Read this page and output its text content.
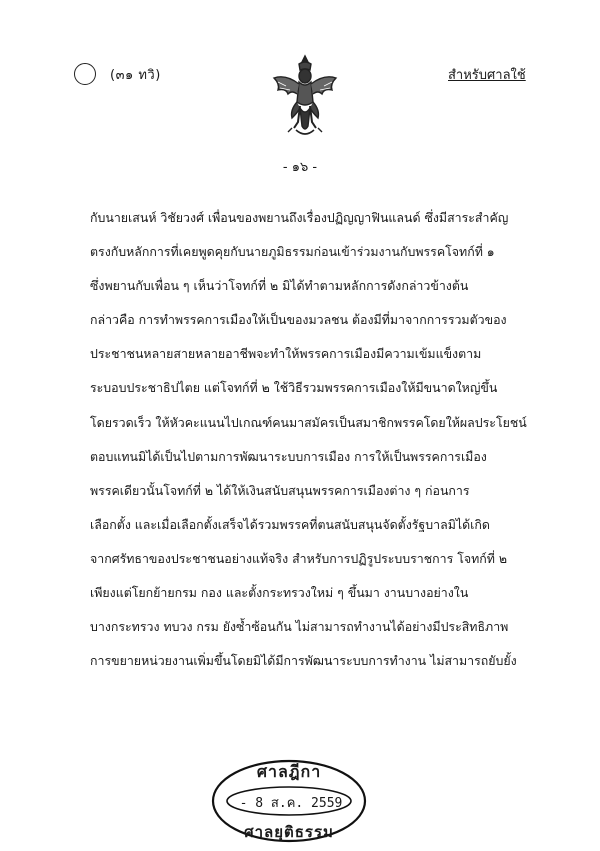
(๓๑ ทวิ)	สำหรับศาลใช้
- ๑๖ -
กับนายเสนห์ วิชัยวงศ์ เพื่อนของพยานถึงเรื่องปฏิญญาฟินแลนด์ ซึ่งมีสาระสำคัญ
ตรงกับหลักการที่เคยพูดคุยกับนายภูมิธรรมก่อนเข้าร่วมงานกับพรรคโจทก์ที่ ๑
ซึ่งพยานกับเพื่อน ๆ เห็นว่าโจทก์ที่ ๒ มิได้ทำตามหลักการดังกล่าวข้างต้น
กล่าวคือ การทำพรรคการเมืองให้เป็นของมวลชน ต้องมีที่มาจากการรวมตัวของ
ประชาชนหลายสายหลายอาชีพจะทำให้พรรคการเมืองมีความเข้มแข็งตาม
ระบอบประชาธิปไตย แต่โจทก์ที่ ๒ ใช้วิธีรวมพรรคการเมืองให้มีขนาดใหญ่ขึ้น
โดยรวดเร็ว ให้หัวคะแนนไปเกณฑ์คนมาสมัครเป็นสมาชิกพรรคโดยให้ผลประโยชน์
ตอบแทนมิได้เป็นไปตามการพัฒนาระบบการเมือง การให้เป็นพรรคการเมือง
พรรคเดียวนั้นโจทก์ที่ ๒ ได้ให้เงินสนับสนุนพรรคการเมืองต่าง ๆ ก่อนการ
เลือกตั้ง และเมื่อเลือกตั้งเสร็จได้รวมพรรคที่ตนสนับสนุนจัดตั้งรัฐบาลมิได้เกิด
จากศรัทธาของประชาชนอย่างแท้จริง สำหรับการปฏิรูประบบราชการ โจทก์ที่ ๒
เพียงแต่โยกย้ายกรม กอง และตั้งกระทรวงใหม่ ๆ ขึ้นมา งานบางอย่างใน
บางกระทรวง ทบวง กรม ยังซ้ำซ้อนกัน ไม่สามารถทำงานได้อย่างมีประสิทธิภาพ
การขยายหน่วยงานเพิ่มขึ้นโดยมิได้มีการพัฒนาระบบการทำงาน ไม่สามารถยับยั้ง
ศาลฎีกา
- 8 ส.ค. 2559
ศาลยุติธรรม
